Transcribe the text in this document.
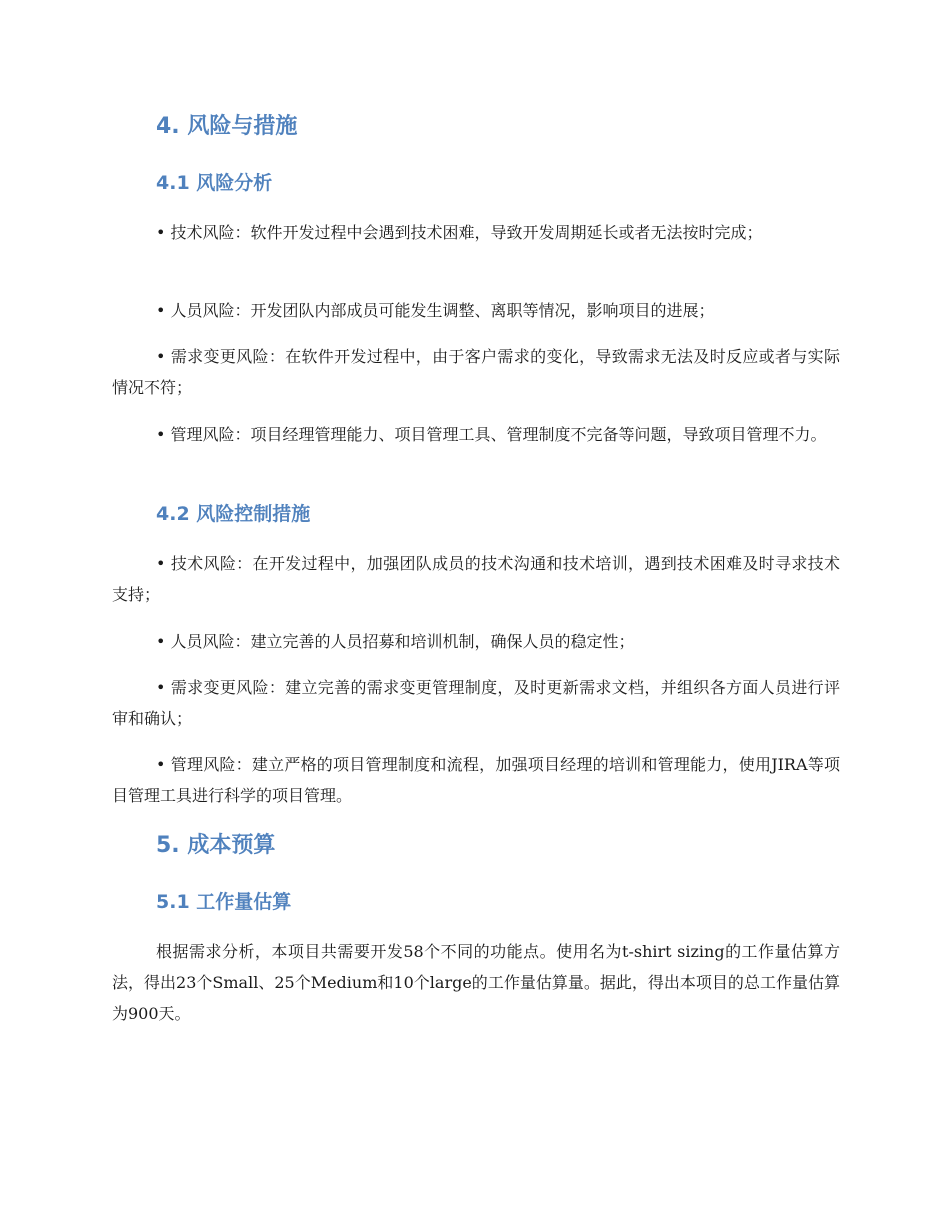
4. 风险与措施
4.1 风险分析

• 技术风险：软件开发过程中会遇到技术困难，导致开发周期延长或者无法按时完成；

• 人员风险：开发团队内部成员可能发生调整、离职等情况，影响项目的进展；

• 需求变更风险：在软件开发过程中，由于客户需求的变化，导致需求无法及时反应或者与实际情况不符；

• 管理风险：项目经理管理能力、项目管理工具、管理制度不完备等问题，导致项目管理不力。

4.2 风险控制措施

• 技术风险：在开发过程中，加强团队成员的技术沟通和技术培训，遇到技术困难及时寻求技术支持；

• 人员风险：建立完善的人员招募和培训机制，确保人员的稳定性；

• 需求变更风险：建立完善的需求变更管理制度，及时更新需求文档，并组织各方面人员进行评审和确认；

• 管理风险：建立严格的项目管理制度和流程，加强项目经理的培训和管理能力，使用JIRA等项目管理工具进行科学的项目管理。

5. 成本预算
5.1 工作量估算

根据需求分析，本项目共需要开发58个不同的功能点。使用名为t-shirt sizing的工作量估算方法，得出23个Small、25个Medium和10个large的工作量估算量。据此，得出本项目的总工作量估算为900天。
